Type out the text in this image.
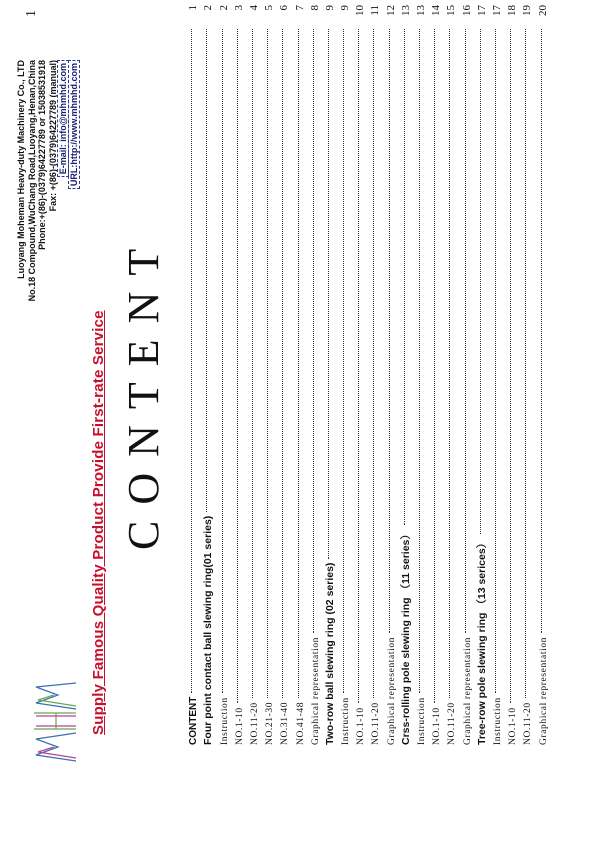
Supply Famous Quality Product Provide First-rate Service
Luoyang Moheman Heavy-duty Machinery Co., LTD No.18 Compound,WuChang Road,Luoyang,Henan,China Phone:+(86)-(0379)64227789 or 15038531918 Fax: +(86)-(0379)64227789 (manual) E-mail: info@mhmhd.com URL:http://www.mhmhd.com
1
CONTENT
CONTENT
1
Four point contact ball slewing ring(01 series)
2
Instruction
2
NO.1-10
3
NO.11-20
4
NO.21-30
5
NO.31-40
6
NO.41-48
7
Graphical representation
8
Two-row ball slewing ring (02 series)
9
Instruction
9
NO.1-10
10
NO.11-20
11
Graphical representation
12
Crss-rolling pole slewing ring （11 series）
13
Instruction
13
NO.1-10
14
NO.11-20
15
Graphical representation
16
Tree-row pole slewing ring （13 serices）
17
Instruction
17
NO.1-10
18
NO.11-20
19
Graphical representation
20
